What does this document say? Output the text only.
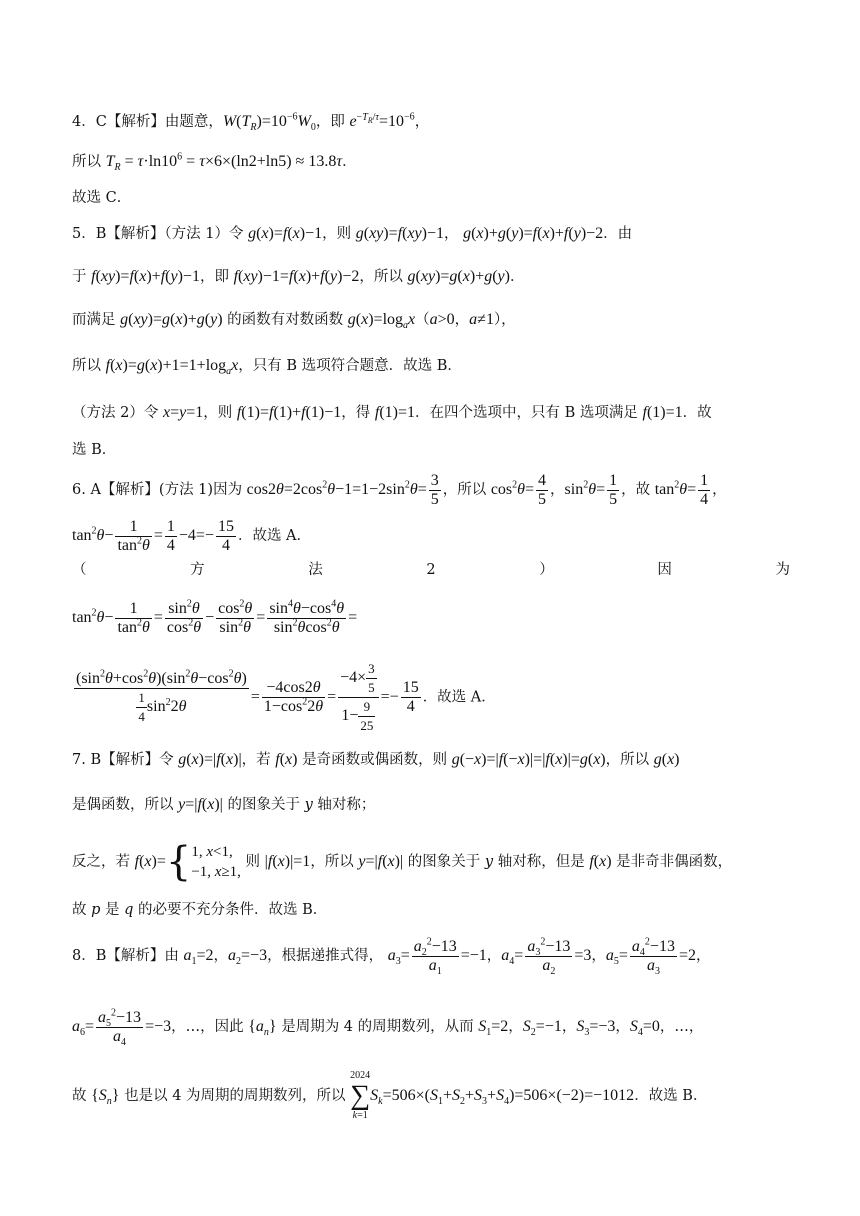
4．C【解析】由题意，$W(T_R)=10^{-6}W_0$，即 $e^{-T_R/\tau}=10^{-6}$，
所以 $T_R = \tau\cdot\ln 10^6 = \tau\times 6\times(\ln 2+\ln 5) \approx 13.8\tau$．
故选 C．
5．B【解析】（方法 1）令 g(x)=f(x)−1，则 g(xy)=f(xy)−1， g(x)+g(y)=f(x)+f(y)−2．由
于 f(xy)=f(x)+f(y)−1，即 f(xy)−1=f(x)+f(y)−2，所以 g(xy)=g(x)+g(y)．
而满足 g(xy)=g(x)+g(y) 的函数有对数函数 $g(x)=\log_ax(a>0$，a≠1），
所以 $f(x)=g(x)+1=1+\log_ax$，只有 B 选项符合题意．故选 B．
（方法 2）令 x=y=1，则 f(1)=f(1)+f(1)−1，得 f(1)=1．在四个选项中，只有 B 选项满足 f(1)=1．故
选 B．
6. A【解析】(方法 1)因为 $\cos 2\theta=2\cos^2\theta-1=1-2\sin^2\theta= \frac{3}{5}$ ，所以 $\cos^2\theta= \frac{4}{5}$ ，$\sin^2\theta= \frac{1}{5}$ ，故 $\tan^2\theta= \frac{1}{4}$ ，
$\tan^2\theta- \frac{1}{\tan^2\theta} = \frac{1}{4} -4=- \frac{15}{4}$ ．故选 A．
（	方	法	2	）	因	为
$\tan^2\theta- \frac{1}{\tan^2\theta} = \frac{\sin^2\theta}{\cos^2\theta} - \frac{\cos^2\theta}{\sin^2\theta} = \frac{\sin^4\theta-\cos^4\theta}{\sin^2\theta\cos^2\theta}$ =
$\frac{(\sin^2\theta+\cos^2\theta)(\sin^2\theta-\cos^2\theta)}{\frac{1}{4} \sin^22\theta} = \frac{-4\cos 2\theta}{1-\cos^22\theta} = \frac{-4\times \frac{3}{5}}{1- \frac{9}{25}} =- \frac{15}{4}$ ．故选 A．
7. B【解析】令 g(x)=|f(x)|，若 f(x) 是奇函数或偶函数，则 g(−x)=|f(−x)|=|f(x)|=g(x)，所以 g(x)
是偶函数，所以 y=|f(x)| 的图象关于 y 轴对称；
反之，若 f(x)={ 1, x<1,
−1, x≥1,
则 |f(x)|=1，所以 y=|f(x)| 的图象关于 y 轴对称，但是 f(x) 是非奇非偶函数，
故 p 是 q 的必要不充分条件．故选 B．
8．B【解析】由 $a_1=2$，$a_2=-3$，根据递推式得， $a_3= \frac{a_2^2-13}{a_1} =-1$，$a_4= \frac{a_3^2-13}{a_2} =3$，$a_5= \frac{a_4^2-13}{a_3} =2$，
$a_6= \frac{a_5^2-13}{a_4} =-3$，…，因此 $\{a_n\}$ 是周期为 4 的周期数列，从而 $S_1=2$，$S_2=-1$，$S_3=-3$，$S_4=0$，…，
故 $\{S_n\}$ 也是以 4 为周期的周期数列，所以
2024
∑
k=1
$S_k=506\times(S_1+S_2+S_3+S_4)=506\times(-2)=-1012$．故选 B．
